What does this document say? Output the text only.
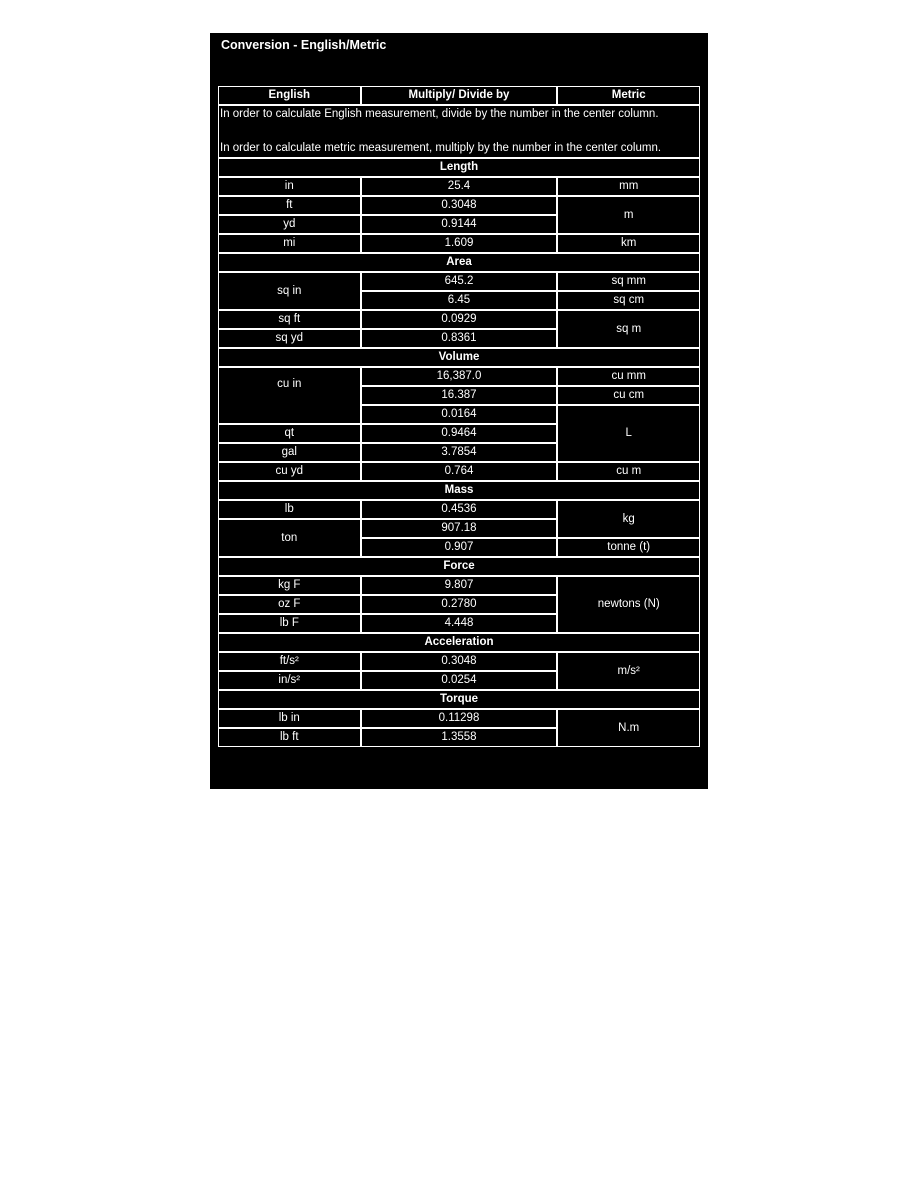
Conversion - English/Metric
English	Multiply/ Divide by	Metric

In order to calculate English measurement, divide by the number in the center column.
In order to calculate metric measurement, multiply by the number in the center column.		

Length		
in	25.4	mm
ft	0.3048	m
yd	0.9144	
mi	1.609	km
Area		
sq in	645.2	sq mm
	6.45	sq cm
sq ft	0.0929	sq m
sq yd	0.8361	
Volume		
cu in	16,387.0	cu mm
	16.387	cu cm
	0.0164	L
qt	0.9464	
gal	3.7854	
cu yd	0.764	cu m
Mass		
lb	0.4536	kg
ton	907.18	
	0.907	tonne (t)
Force		
kg F	9.807	newtons (N)
oz F	0.2780	
lb F	4.448	
Acceleration		
ft/s²	0.3048	m/s²
in/s²	0.0254	
Torque		
lb in	0.11298	N.m
lb ft	1.3558	
